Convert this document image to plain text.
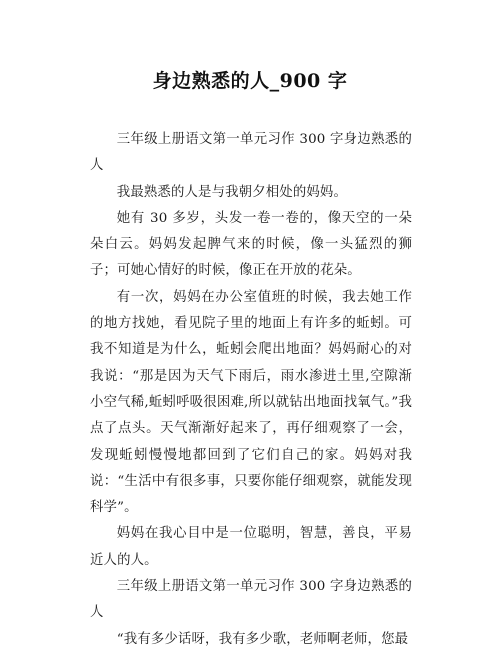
身边熟悉的人_900 字

三年级上册语文第一单元习作 300 字身边熟悉的人

我最熟悉的人是与我朝夕相处的妈妈。

她有 30 多岁，头发一卷一卷的，像天空的一朵朵白云。妈妈发起脾气来的时候，像一头猛烈的狮子；可她心情好的时候，像正在开放的花朵。

有一次，妈妈在办公室值班的时候，我去她工作的地方找她，看见院子里的地面上有许多的蚯蚓。可我不知道是为什么，蚯蚓会爬出地面？妈妈耐心的对我说：“那是因为天气下雨后，雨水渗进土里,空隙渐小空气稀,蚯蚓呼吸很困难,所以就钻出地面找氧气。”我点了点头。天气渐渐好起来了，再仔细观察了一会，发现蚯蚓慢慢地都回到了它们自己的家。妈妈对我说：“生活中有很多事，只要你能仔细观察，就能发现科学”。

妈妈在我心目中是一位聪明，智慧，善良，平易近人的人。

三年级上册语文第一单元习作 300 字身边熟悉的人

“我有多少话呀，我有多少歌，老师啊老师，您最
